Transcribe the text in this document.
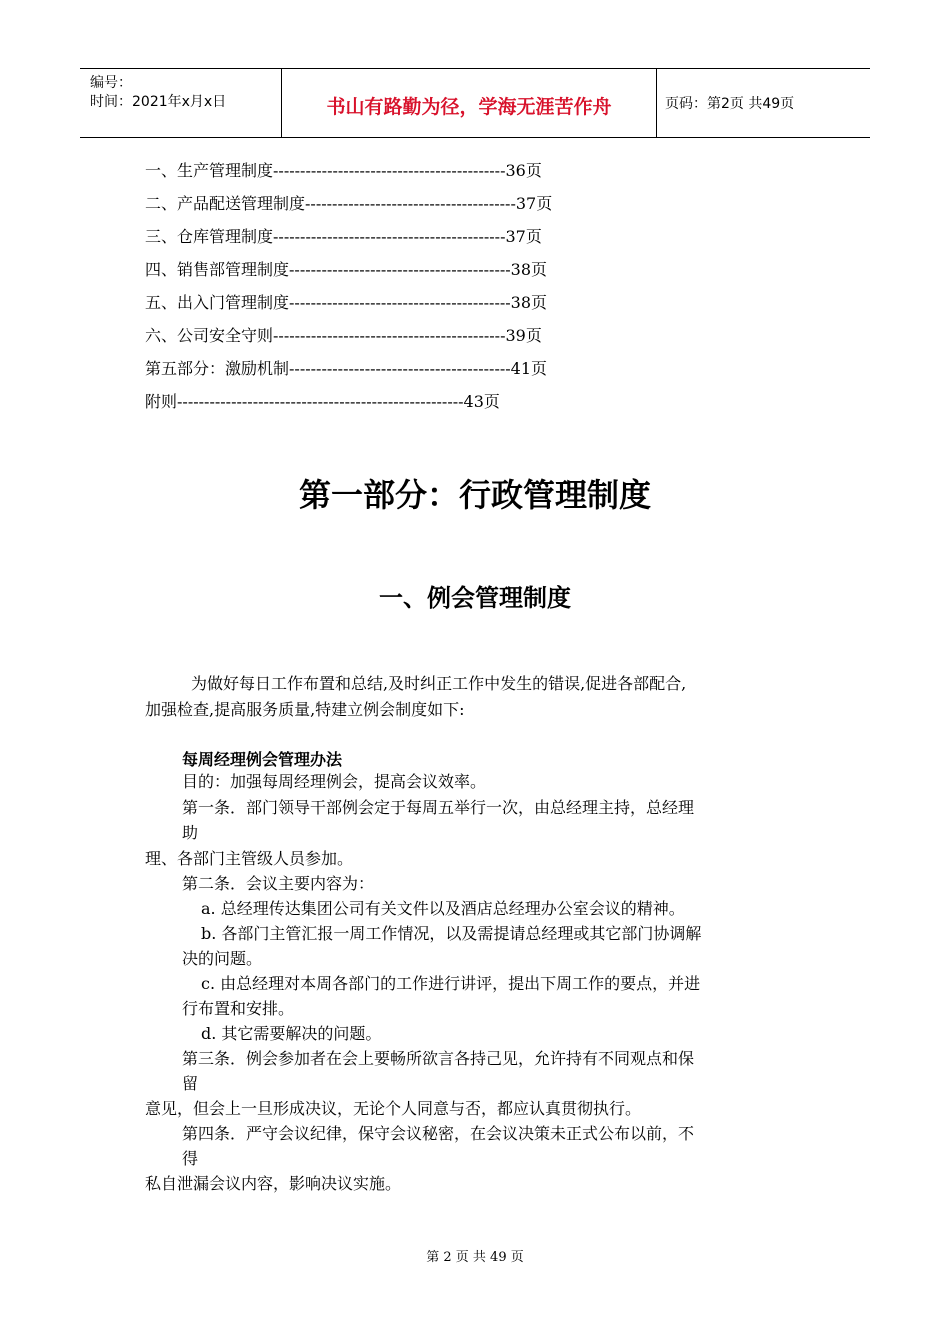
编号：
时间：2021年x月x日	书山有路勤为径，学海无涯苦作舟	页码：第2页 共49页
一、生产管理制度-------------------------------------------36页
二、产品配送管理制度---------------------------------------37页
三、仓库管理制度-------------------------------------------37页
四、销售部管理制度-----------------------------------------38页
五、出入门管理制度-----------------------------------------38页
六、公司安全守则-------------------------------------------39页
第五部分：激励机制-----------------------------------------41页
附则-----------------------------------------------------43页
第一部分：行政管理制度
一、例会管理制度
为做好每日工作布置和总结,及时纠正工作中发生的错误,促进各部配合,
加强检查,提高服务质量,特建立例会制度如下:
每周经理例会管理办法
目的：加强每周经理例会，提高会议效率。
第一条．部门领导干部例会定于每周五举行一次，由总经理主持，总经理
助
理、各部门主管级人员参加。
第二条．会议主要内容为：
a. 总经理传达集团公司有关文件以及酒店总经理办公室会议的精神。
b. 各部门主管汇报一周工作情况，以及需提请总经理或其它部门协调解
决的问题。
c. 由总经理对本周各部门的工作进行讲评，提出下周工作的要点，并进
行布置和安排。
d. 其它需要解决的问题。
第三条．例会参加者在会上要畅所欲言各持己见，允许持有不同观点和保
留
意见，但会上一旦形成决议，无论个人同意与否，都应认真贯彻执行。
第四条．严守会议纪律，保守会议秘密，在会议决策未正式公布以前，不
得
私自泄漏会议内容，影响决议实施。
第 2 页 共 49 页
